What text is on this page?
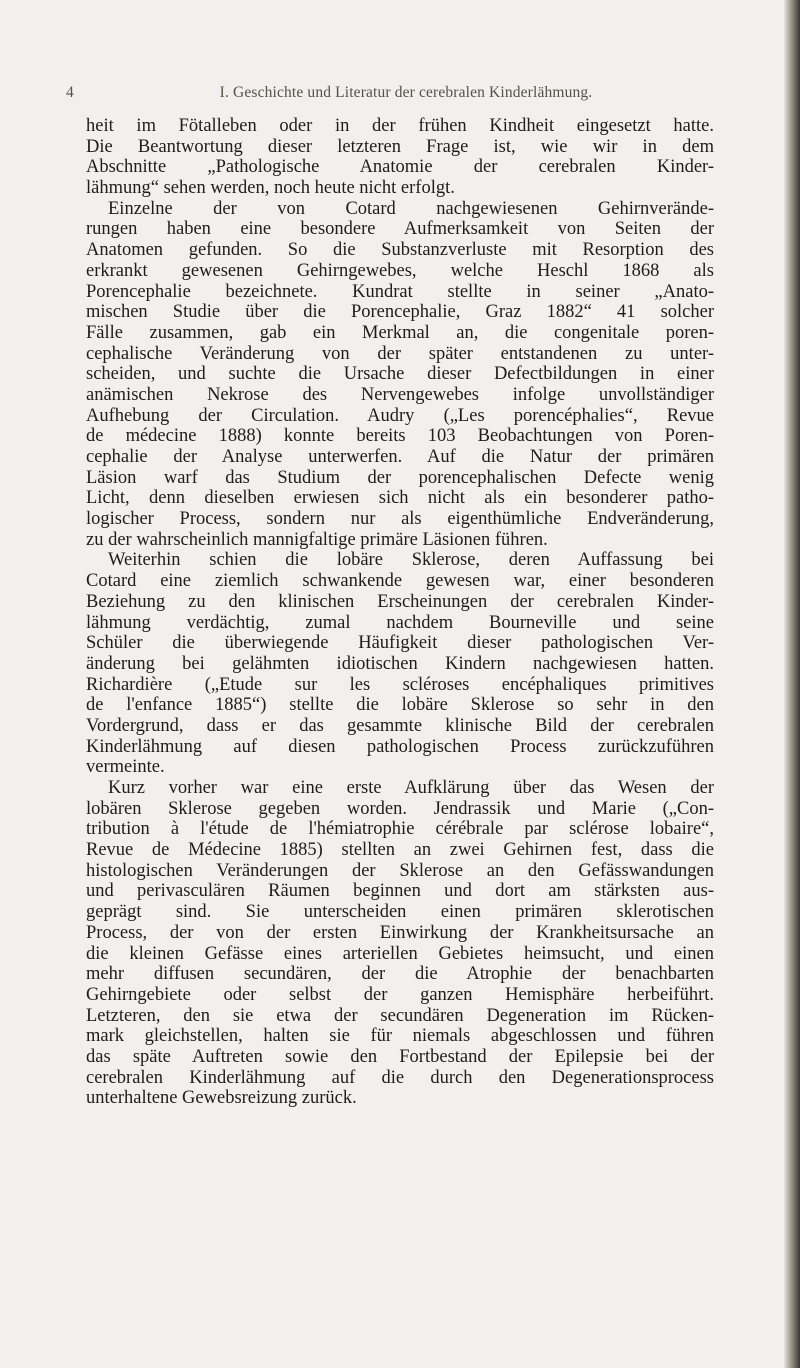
4	I. Geschichte und Literatur der cerebralen Kinderlähmung.
heit im Fötalleben oder in der frühen Kindheit eingesetzt hatte.
Die Beantwortung dieser letzteren Frage ist, wie wir in dem
Abschnitte „Pathologische Anatomie der cerebralen Kinder-
lähmung“ sehen werden, noch heute nicht erfolgt.
Einzelne der von Cotard nachgewiesenen Gehirnverände-
rungen haben eine besondere Aufmerksamkeit von Seiten der
Anatomen gefunden. So die Substanzverluste mit Resorption des
erkrankt gewesenen Gehirngewebes, welche Heschl 1868 als
Porencephalie bezeichnete. Kundrat stellte in seiner „Anato-
mischen Studie über die Porencephalie, Graz 1882“ 41 solcher
Fälle zusammen, gab ein Merkmal an, die congenitale poren-
cephalische Veränderung von der später entstandenen zu unter-
scheiden, und suchte die Ursache dieser Defectbildungen in einer
anämischen Nekrose des Nervengewebes infolge unvollständiger
Aufhebung der Circulation. Audry („Les porencéphalies“, Revue
de médecine 1888) konnte bereits 103 Beobachtungen von Poren-
cephalie der Analyse unterwerfen. Auf die Natur der primären
Läsion warf das Studium der porencephalischen Defecte wenig
Licht, denn dieselben erwiesen sich nicht als ein besonderer patho-
logischer Process, sondern nur als eigenthümliche Endveränderung,
zu der wahrscheinlich mannigfaltige primäre Läsionen führen.
Weiterhin schien die lobäre Sklerose, deren Auffassung bei
Cotard eine ziemlich schwankende gewesen war, einer besonderen
Beziehung zu den klinischen Erscheinungen der cerebralen Kinder-
lähmung verdächtig, zumal nachdem Bourneville und seine
Schüler die überwiegende Häufigkeit dieser pathologischen Ver-
änderung bei gelähmten idiotischen Kindern nachgewiesen hatten.
Richardière („Etude sur les scléroses encéphaliques primitives
de l'enfance 1885“) stellte die lobäre Sklerose so sehr in den
Vordergrund, dass er das gesammte klinische Bild der cerebralen
Kinderlähmung auf diesen pathologischen Process zurückzuführen
vermeinte.
Kurz vorher war eine erste Aufklärung über das Wesen der
lobären Sklerose gegeben worden. Jendrassik und Marie („Con-
tribution à l'étude de l'hémiatrophie cérébrale par sclérose lobaire“,
Revue de Médecine 1885) stellten an zwei Gehirnen fest, dass die
histologischen Veränderungen der Sklerose an den Gefässwandungen
und perivasculären Räumen beginnen und dort am stärksten aus-
geprägt sind. Sie unterscheiden einen primären sklerotischen
Process, der von der ersten Einwirkung der Krankheitsursache an
die kleinen Gefässe eines arteriellen Gebietes heimsucht, und einen
mehr diffusen secundären, der die Atrophie der benachbarten
Gehirngebiete oder selbst der ganzen Hemisphäre herbeiführt.
Letzteren, den sie etwa der secundären Degeneration im Rücken-
mark gleichstellen, halten sie für niemals abgeschlossen und führen
das späte Auftreten sowie den Fortbestand der Epilepsie bei der
cerebralen Kinderlähmung auf die durch den Degenerationsprocess
unterhaltene Gewebsreizung zurück.
